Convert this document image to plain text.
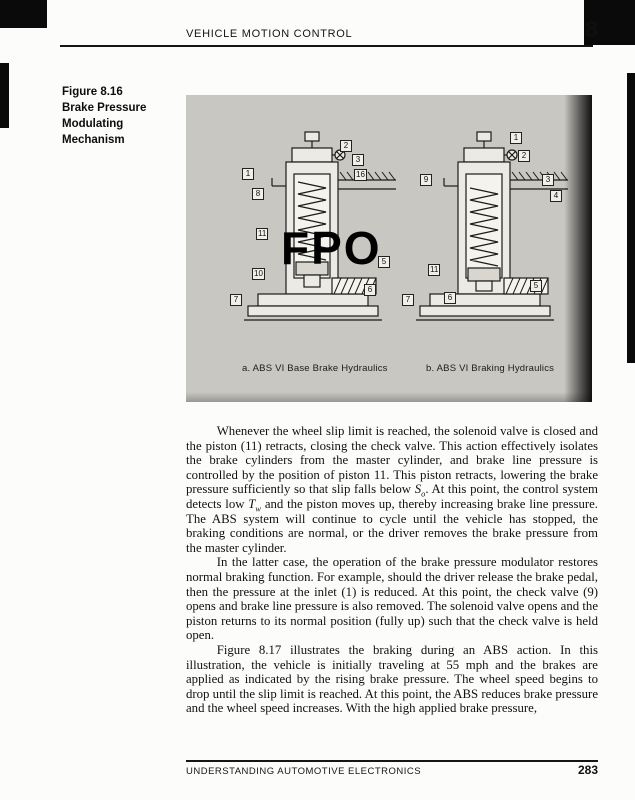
VEHICLE MOTION CONTROL	8
Figure 8.16
Brake Pressure
Modulating
Mechanism
1
2
3
16
8
11
10
7
6
5
9
1
2
3
4
11
7	6
5
a. ABS VI Base Brake Hydraulics	b. ABS VI Braking Hydraulics
FPO

Whenever the wheel slip limit is reached, the solenoid valve is closed and the piston (11) retracts, closing the check valve. This action effectively isolates the brake cylinders from the master cylinder, and brake line pressure is controlled by the position of piston 11. This piston retracts, lowering the brake pressure sufficiently so that slip falls below $S_o$. At this point, the control system detects low $T_w$ and the piston moves up, thereby increasing brake line pressure. The ABS system will continue to cycle until the vehicle has stopped, the braking conditions are normal, or the driver removes the brake pressure from the master cylinder.

In the latter case, the operation of the brake pressure modulator restores normal braking function. For example, should the driver release the brake pedal, then the pressure at the inlet (1) is reduced. At this point, the check valve (9) opens and brake line pressure is also removed. The solenoid valve opens and the piston returns to its normal position (fully up) such that the check valve is held open.

Figure 8.17 illustrates the braking during an ABS action. In this illustration, the vehicle is initially traveling at 55 mph and the brakes are applied as indicated by the rising brake pressure. The wheel speed begins to drop until the slip limit is reached. At this point, the ABS reduces brake pressure and the wheel speed increases. With the high applied brake pressure,

UNDERSTANDING AUTOMOTIVE ELECTRONICS	283
